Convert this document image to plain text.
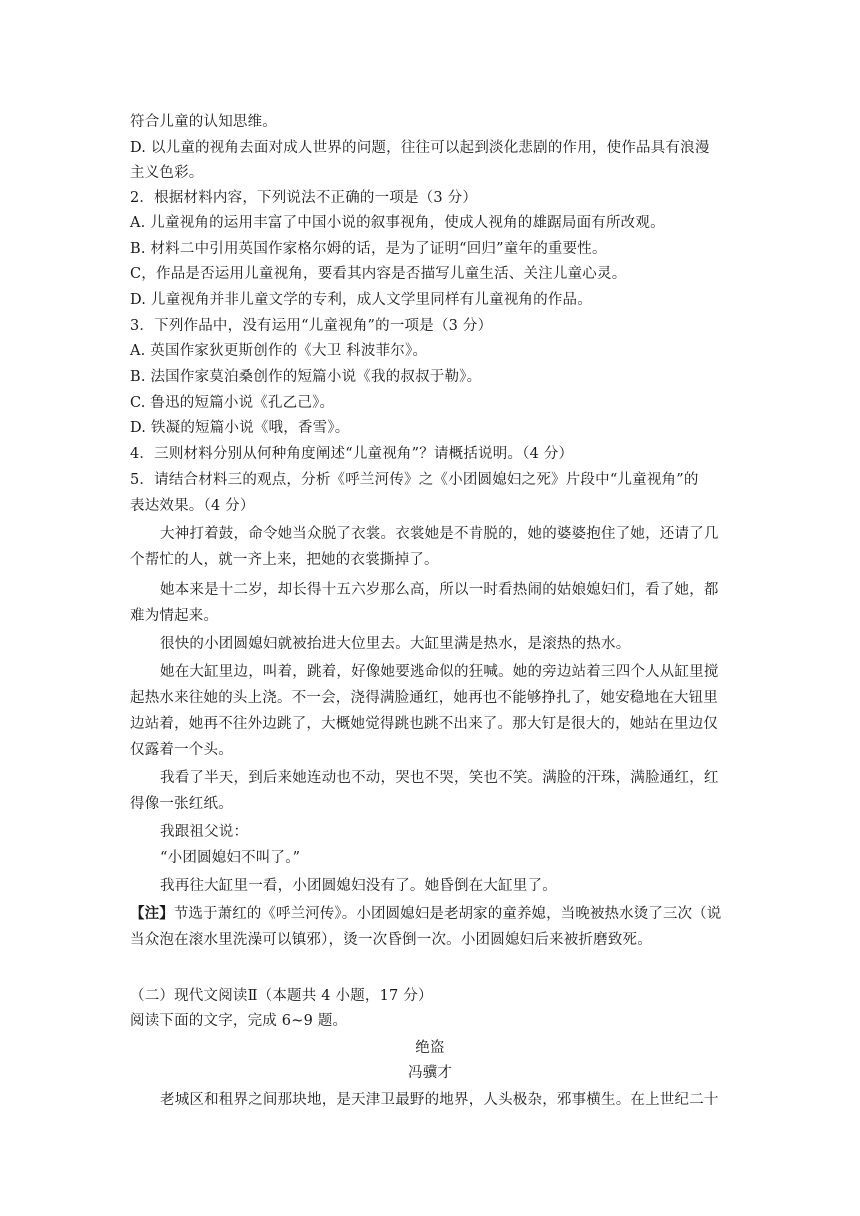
符合儿童的认知思维。

D. 以儿童的视角去面对成人世界的问题，往往可以起到淡化悲剧的作用，使作品具有浪漫

主义色彩。

2．根据材料内容，下列说法不正确的一项是（3 分）

A. 儿童视角的运用丰富了中国小说的叙事视角，使成人视角的雄踞局面有所改观。

B. 材料二中引用英国作家格尔姆的话，是为了证明“回归”童年的重要性。

C，作品是否运用儿童视角，要看其内容是否描写儿童生活、关注儿童心灵。

D. 儿童视角并非儿童文学的专利，成人文学里同样有儿童视角的作品。

3．下列作品中，没有运用“儿童视角”的一项是（3 分）

A. 英国作家狄更斯创作的《大卫 科波菲尔》。

B. 法国作家莫泊桑创作的短篇小说《我的叔叔于勒》。

C. 鲁迅的短篇小说《孔乙己》。

D. 铁凝的短篇小说《哦，香雪》。

4．三则材料分别从何种角度阐述“儿童视角”？请概括说明。（4 分）

5．请结合材料三的观点，分析《呼兰河传》之《小团圆媳妇之死》片段中“儿童视角”的

表达效果。（4 分）

大神打着鼓，命令她当众脱了衣裳。衣裳她是不肯脱的，她的婆婆抱住了她，还请了几

个帮忙的人，就一齐上来，把她的衣裳撕掉了。

她本来是十二岁，却长得十五六岁那么高，所以一时看热闹的姑娘媳妇们，看了她，都

难为情起来。

很快的小团圆媳妇就被抬进大位里去。大缸里满是热水，是滚热的热水。

她在大缸里边，叫着，跳着，好像她要逃命似的狂喊。她的旁边站着三四个人从缸里搅

起热水来往她的头上浇。不一会，浇得满脸通红，她再也不能够挣扎了，她安稳地在大钮里

边站着，她再不往外边跳了，大概她觉得跳也跳不出来了。那大钉是很大的，她站在里边仅

仅露着一个头。

我看了半天，到后来她连动也不动，哭也不哭，笑也不笑。满脸的汗珠，满脸通红，红

得像一张红纸。

我跟祖父说：

“小团圆媳妇不叫了。”

我再往大缸里一看，小团圆媳妇没有了。她昏倒在大缸里了。

当众泡在滚水里洗澡可以镇邪），烫一次昏倒一次。小团圆媳妇后来被折磨致死。

（二）现代文阅读Ⅱ（本题共 4 小题，17 分）

阅读下面的文字，完成 6~9 题。

老城区和租界之间那块地，是天津卫最野的地界，人头极杂，邪事横生。在上世纪二十

【注】节选于萧红的《呼兰河传》。小团圆媳妇是老胡家的童养媳，当晚被热水烫了三次（说

绝盗

冯骥才
